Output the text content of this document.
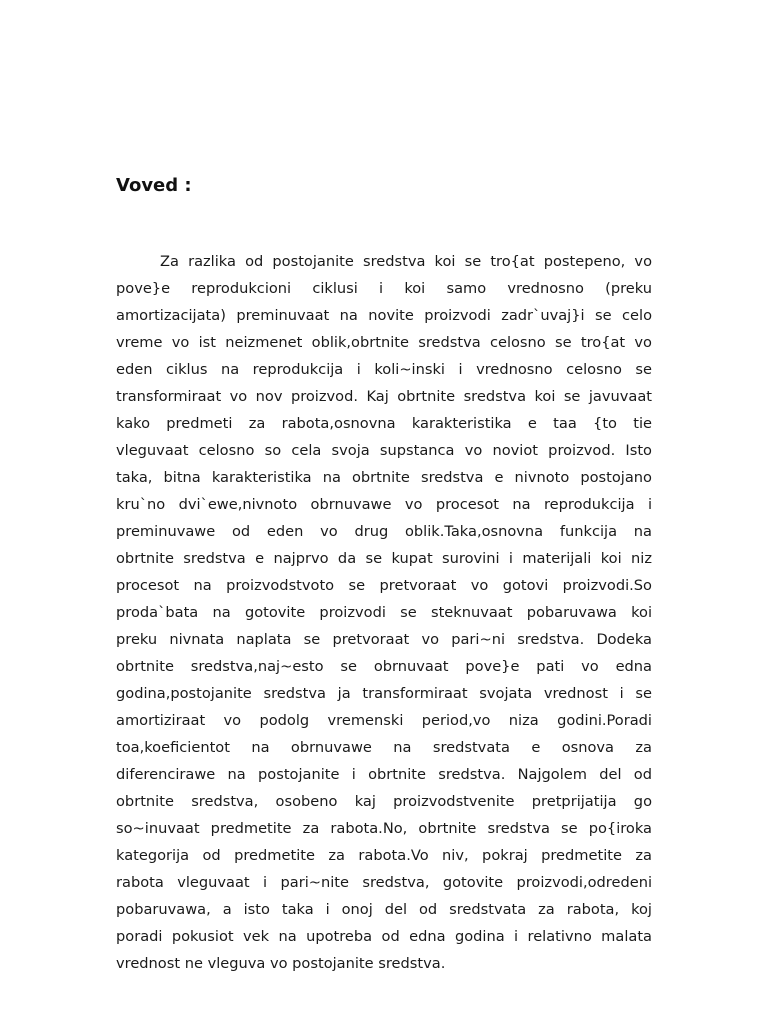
Voved :
Za razlika od postojanite sredstva koi se tro{at postepeno, vo
pove}e reprodukcioni ciklusi i koi samo vrednosno (preku
amortizacijata) preminuvaat na novite proizvodi zadr`uvaj}i se celo
vreme vo ist neizmenet oblik,obrtnite sredstva celosno se tro{at vo
eden ciklus na reprodukcija i koli~inski i vrednosno celosno se
transformiraat vo nov proizvod. Kaj obrtnite sredstva koi se javuvaat
kako predmeti za rabota,osnovna karakteristika e taa {to tie
vleguvaat celosno so cela svoja supstanca vo noviot proizvod. Isto
taka, bitna karakteristika na obrtnite sredstva e nivnoto postojano
kru`no dvi`ewe,nivnoto obrnuvawe vo procesot na reprodukcija i
preminuvawe od eden vo drug oblik.Taka,osnovna funkcija na
obrtnite sredstva e najprvo da se kupat surovini i materijali koi niz
procesot na proizvodstvoto se pretvoraat vo gotovi proizvodi.So
proda`bata na gotovite proizvodi se steknuvaat pobaruvawa koi
preku nivnata naplata se pretvoraat vo pari~ni sredstva. Dodeka
obrtnite sredstva,naj~esto se obrnuvaat pove}e pati vo edna
godina,postojanite sredstva ja transformiraat svojata vrednost i se
amortiziraat vo podolg vremenski period,vo niza godini.Poradi
toa,koeficientot na obrnuvawe na sredstvata e osnova za
diferencirawe na postojanite i obrtnite sredstva. Najgolem del od
obrtnite sredstva, osobeno kaj proizvodstvenite pretprijatija go
so~inuvaat predmetite za rabota.No, obrtnite sredstva se po{iroka
kategorija od predmetite za rabota.Vo niv, pokraj predmetite za
rabota vleguvaat i pari~nite sredstva, gotovite proizvodi,odredeni
pobaruvawa, a isto taka i onoj del od sredstvata za rabota, koj
poradi pokusiot vek na upotreba od edna godina i relativno malata
vrednost ne vleguva vo postojanite sredstva.
